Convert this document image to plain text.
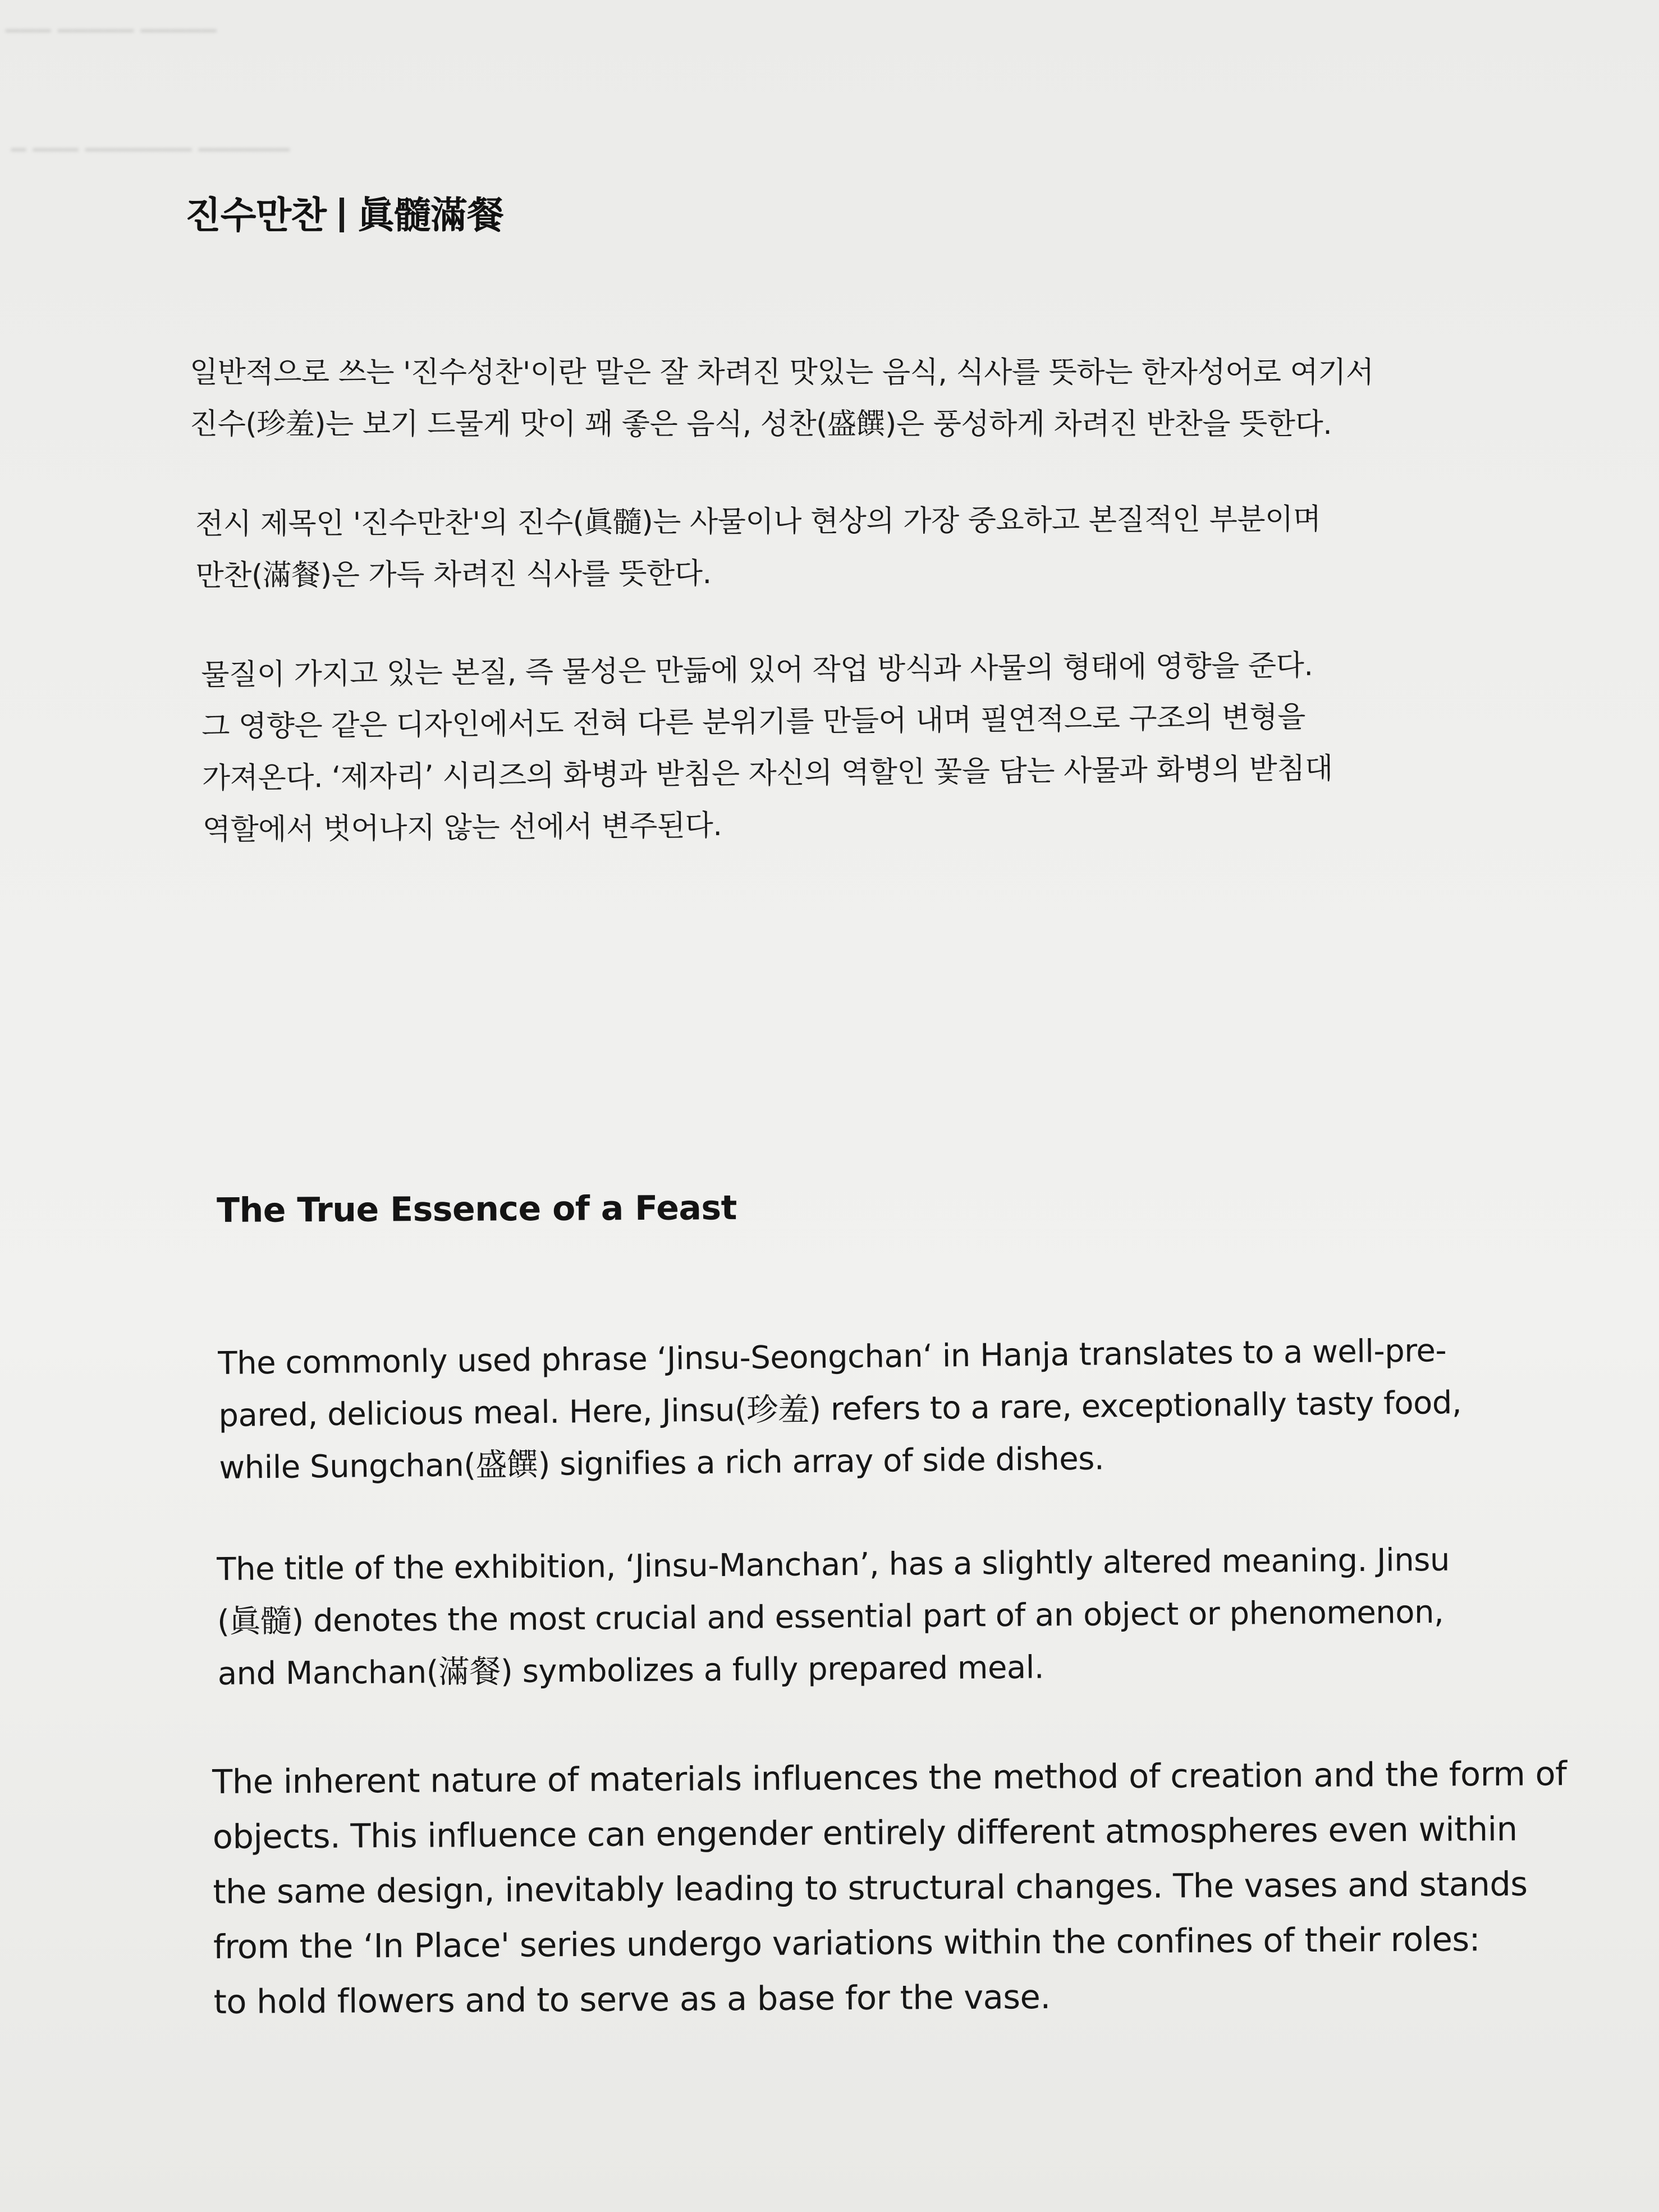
▁▁▁ ▁▁▁▁▁ ▁▁▁▁▁
▁ ▁▁▁ ▁▁▁▁▁▁▁ ▁▁▁▁▁▁
진수만찬 眞髓滿餐

일반적으로 쓰는 '진수성찬'이란 말은 잘 차려진 맛있는 음식, 식사를 뜻하는 한자성어로 여기서

진수(珍羞)는 보기 드물게 맛이 꽤 좋은 음식, 성찬(盛饌)은 풍성하게 차려진 반찬을 뜻한다.

전시 제목인 '진수만찬'의 진수(眞髓)는 사물이나 현상의 가장 중요하고 본질적인 부분이며

만찬(滿餐)은 가득 차려진 식사를 뜻한다.

물질이 가지고 있는 본질, 즉 물성은 만듦에 있어 작업 방식과 사물의 형태에 영향을 준다.

그 영향은 같은 디자인에서도 전혀 다른 분위기를 만들어 내며 필연적으로 구조의 변형을

가져온다. ‘제자리’ 시리즈의 화병과 받침은 자신의 역할인 꽃을 담는 사물과 화병의 받침대

역할에서 벗어나지 않는 선에서 변주된다.

The True Essence of a Feast

The commonly used phrase ‘Jinsu-Seongchan‘ in Hanja translates to a well-pre-

pared, delicious meal. Here, Jinsu(珍羞) refers to a rare, exceptionally tasty food,

while Sungchan(盛饌) signifies a rich array of side dishes.

The title of the exhibition, ‘Jinsu-Manchan’, has a slightly altered meaning. Jinsu

(眞髓) denotes the most crucial and essential part of an object or phenomenon,

and Manchan(滿餐) symbolizes a fully prepared meal.

The inherent nature of materials influences the method of creation and the form of

objects. This influence can engender entirely different atmospheres even within

the same design, inevitably leading to structural changes. The vases and stands

from the ‘In Place' series undergo variations within the confines of their roles:

to hold flowers and to serve as a base for the vase.
